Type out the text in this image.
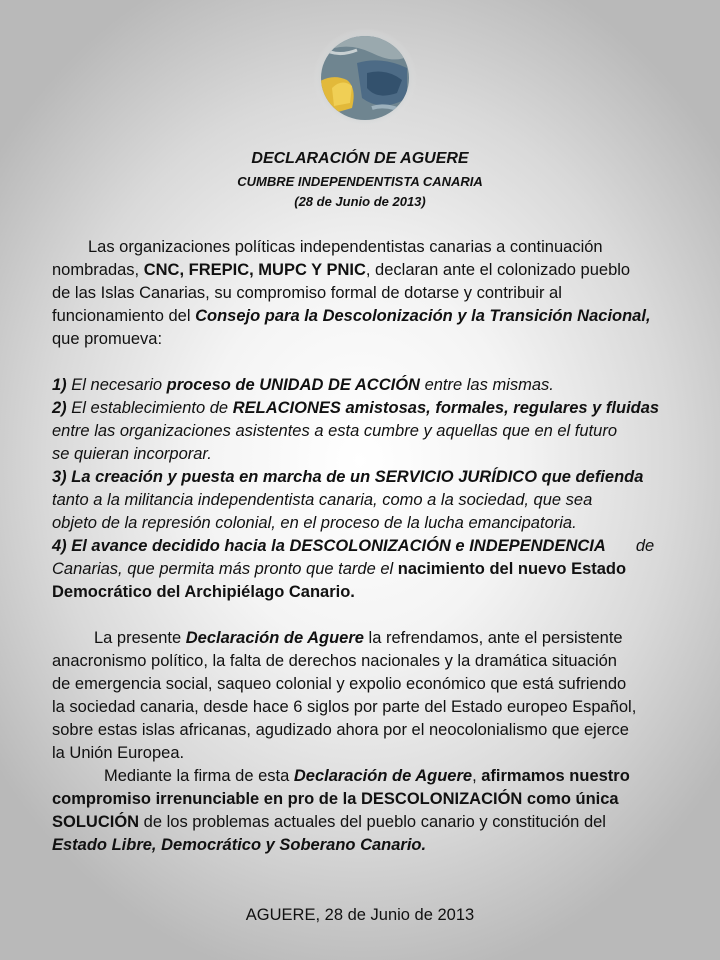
DECLARACIÓN DE AGUERE
CUMBRE INDEPENDENTISTA CANARIA
(28 de Junio de 2013)
Las organizaciones políticas independentistas canarias a continuación
nombradas, CNC, FREPIC, MUPC Y PNIC, declaran ante el colonizado pueblo
de las Islas Canarias, su compromiso formal de dotarse y contribuir al
funcionamiento del Consejo para la Descolonización y la Transición Nacional,
que promueva:
1) El necesario proceso de UNIDAD DE ACCIÓN entre las mismas.
2) El establecimiento de RELACIONES amistosas, formales, regulares y fluidas
entre las organizaciones asistentes a esta cumbre y aquellas que en el futuro
se quieran incorporar.
3) La creación y puesta en marcha de un SERVICIO JURÍDICO que defienda
tanto a la militancia independentista canaria, como a la sociedad, que sea
objeto de la represión colonial, en el proceso de la lucha emancipatoria.
4) El avance decidido hacia la DESCOLONIZACIÓN e INDEPENDENCIA de
Canarias, que permita más pronto que tarde el nacimiento del nuevo Estado
Democrático del Archipiélago Canario.
La presente Declaración de Aguere la refrendamos, ante el persistente
anacronismo político, la falta de derechos nacionales y la dramática situación
de emergencia social, saqueo colonial y expolio económico que está sufriendo
la sociedad canaria, desde hace 6 siglos por parte del Estado europeo Español,
sobre estas islas africanas, agudizado ahora por el neocolonialismo que ejerce
la Unión Europea.
Mediante la firma de esta Declaración de Aguere, afirmamos nuestro
compromiso irrenunciable en pro de la DESCOLONIZACIÓN como única
SOLUCIÓN de los problemas actuales del pueblo canario y constitución del
Estado Libre, Democrático y Soberano Canario.
AGUERE, 28 de Junio de 2013
